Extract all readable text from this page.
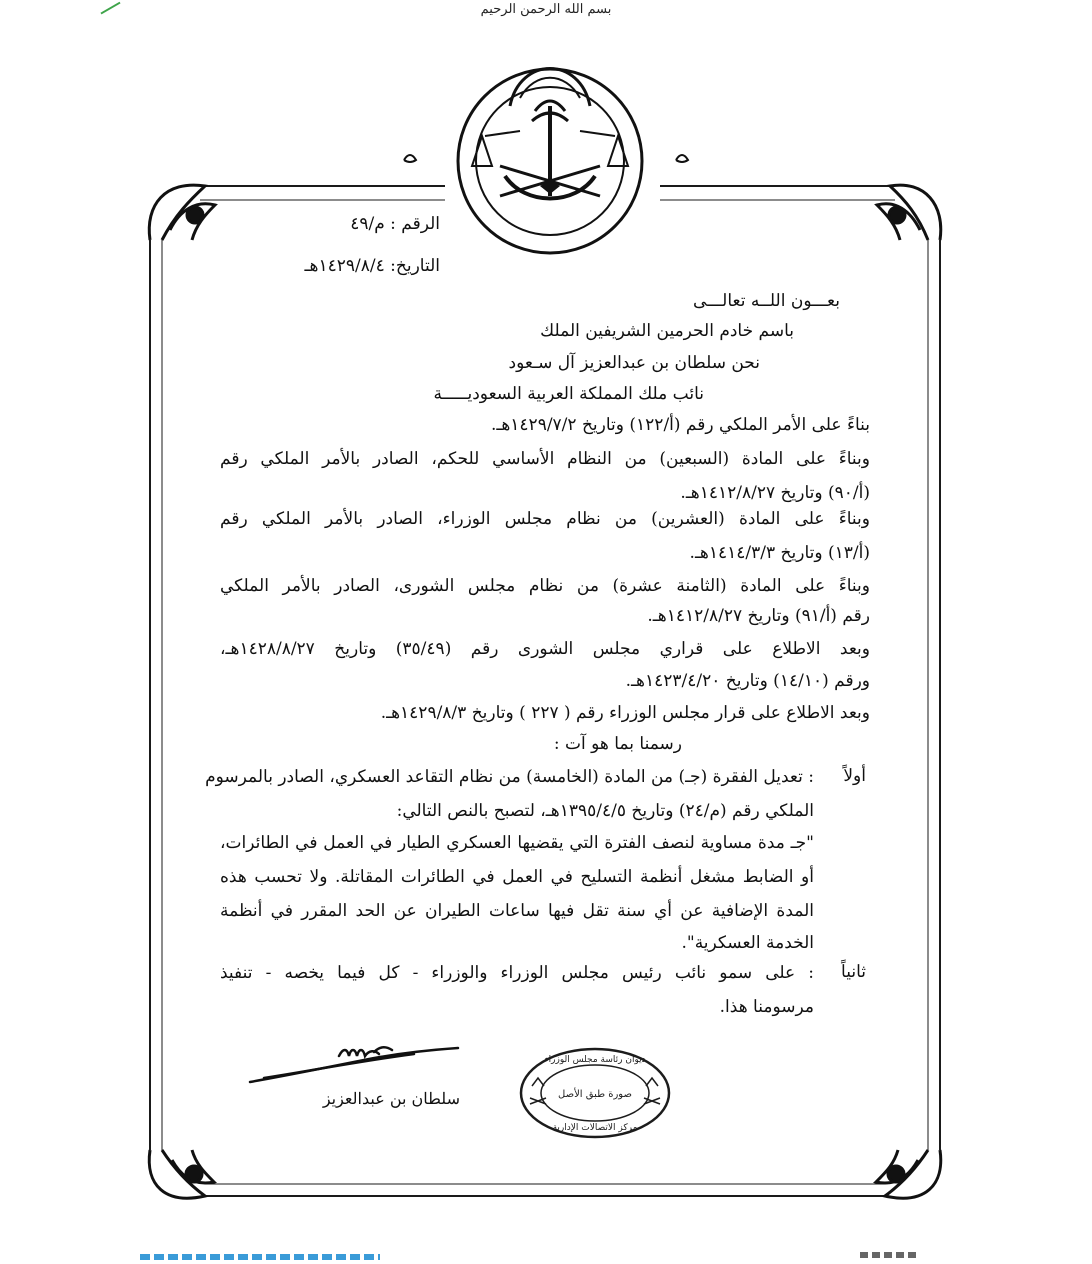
بسم الله الرحمن الرحيم
الرقم : م/٤٩
التاريخ: ١٤٢٩/٨/٤هـ
بعـــون اللــه تعالـــى
باسم خادم الحرمين الشريفين الملك
نحن سلطان بن عبدالعزيز آل سـعود
نائب ملك المملكة العربية السعوديـــــة
بناءً على الأمر الملكي رقم (أ/١٢٢) وتاريخ ١٤٢٩/٧/٢هـ.
وبناءً على المادة (السبعين) من النظام الأساسي للحكم، الصادر بالأمر الملكي رقم
(أ/٩٠) وتاريخ ١٤١٢/٨/٢٧هـ.
وبناءً على المادة (العشرين) من نظام مجلس الوزراء، الصادر بالأمر الملكي رقم
(أ/١٣) وتاريخ ١٤١٤/٣/٣هـ.
وبناءً على المادة (الثامنة عشرة) من نظام مجلس الشورى، الصادر بالأمر الملكي
رقم (أ/٩١) وتاريخ ١٤١٢/٨/٢٧هـ.
وبعد الاطلاع على قراري مجلس الشورى رقم (٣٥/٤٩) وتاريخ ١٤٢٨/٨/٢٧هـ،
ورقم (١٤/١٠) وتاريخ ١٤٢٣/٤/٢٠هـ.
وبعد الاطلاع على قرار مجلس الوزراء رقم ( ٢٢٧ ) وتاريخ ١٤٢٩/٨/٣هـ.
رسمنا بما هو آت :
أولاً
: تعديل الفقرة (جـ) من المادة (الخامسة) من نظام التقاعد العسكري، الصادر بالمرسوم
الملكي رقم (م/٢٤) وتاريخ ١٣٩٥/٤/٥هـ، لتصبح بالنص التالي:
"جـ مدة مساوية لنصف الفترة التي يقضيها العسكري الطيار في العمل في الطائرات،
أو الضابط مشغل أنظمة التسليح في العمل في الطائرات المقاتلة. ولا تحسب هذه
المدة الإضافية عن أي سنة تقل فيها ساعات الطيران عن الحد المقرر في أنظمة
الخدمة العسكرية".
ثانياً
: على سمو نائب رئيس مجلس الوزراء والوزراء - كل فيما يخصه - تنفيذ
مرسومنا هذا.
سلطان بن عبدالعزيز
ديوان رئاسة مجلس الوزراء
صورة طبق الأصل
مركز الاتصالات الإدارية
